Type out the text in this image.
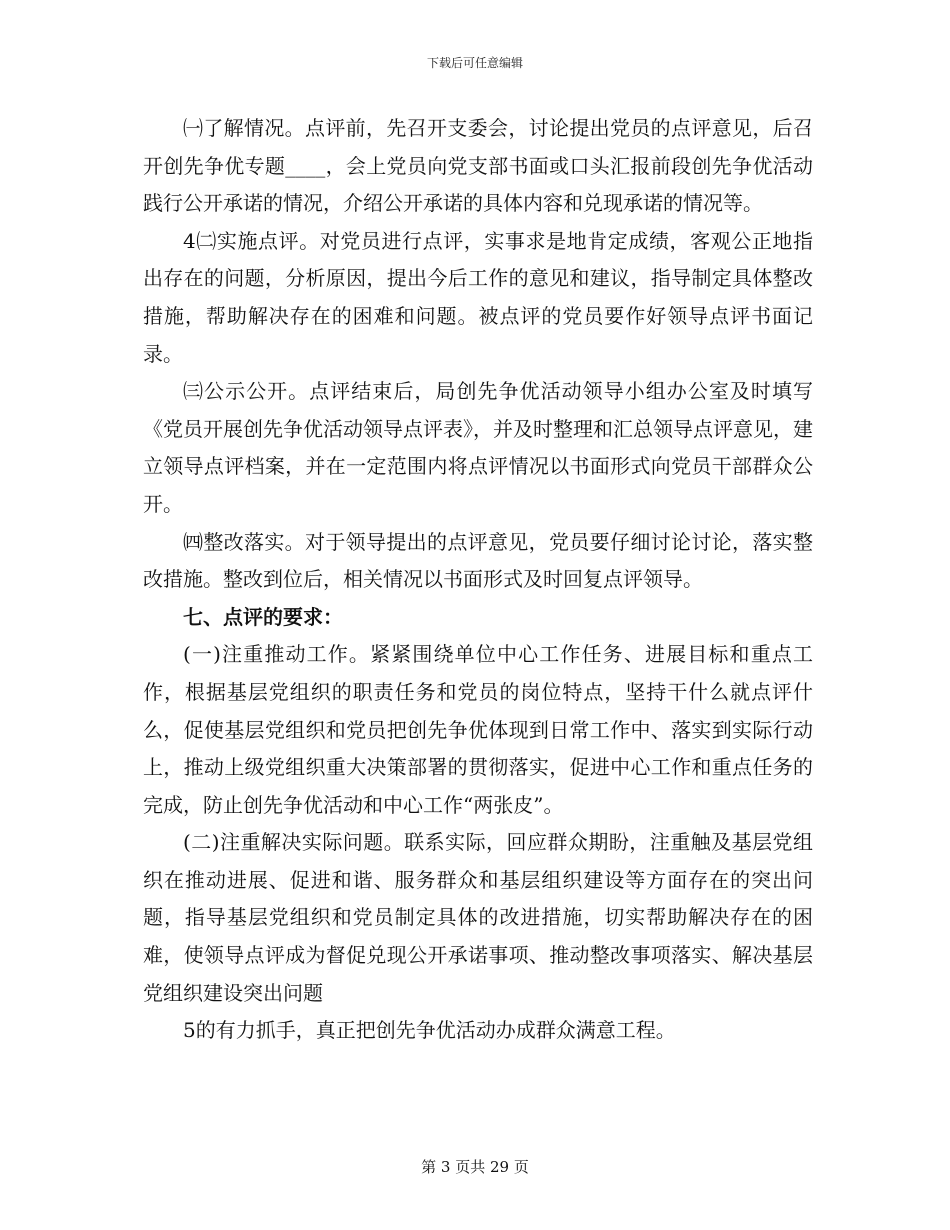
下载后可任意编辑

㈠了解情况。点评前，先召开支委会，讨论提出党员的点评意见，后召开创先争优专题____，会上党员向党支部书面或口头汇报前段创先争优活动践行公开承诺的情况，介绍公开承诺的具体内容和兑现承诺的情况等。

4㈡实施点评。对党员进行点评，实事求是地肯定成绩，客观公正地指出存在的问题，分析原因，提出今后工作的意见和建议，指导制定具体整改措施，帮助解决存在的困难和问题。被点评的党员要作好领导点评书面记录。

㈢公示公开。点评结束后，局创先争优活动领导小组办公室及时填写《党员开展创先争优活动领导点评表》，并及时整理和汇总领导点评意见，建立领导点评档案，并在一定范围内将点评情况以书面形式向党员干部群众公开。

㈣整改落实。对于领导提出的点评意见，党员要仔细讨论讨论，落实整改措施。整改到位后，相关情况以书面形式及时回复点评领导。

七、点评的要求：

(一)注重推动工作。紧紧围绕单位中心工作任务、进展目标和重点工作，根据基层党组织的职责任务和党员的岗位特点，坚持干什么就点评什么，促使基层党组织和党员把创先争优体现到日常工作中、落实到实际行动上，推动上级党组织重大决策部署的贯彻落实，促进中心工作和重点任务的完成，防止创先争优活动和中心工作“两张皮”。

(二)注重解决实际问题。联系实际，回应群众期盼，注重触及基层党组织在推动进展、促进和谐、服务群众和基层组织建设等方面存在的突出问题，指导基层党组织和党员制定具体的改进措施，切实帮助解决存在的困难，使领导点评成为督促兑现公开承诺事项、推动整改事项落实、解决基层党组织建设突出问题

5的有力抓手，真正把创先争优活动办成群众满意工程。

第 3 页共 29 页
